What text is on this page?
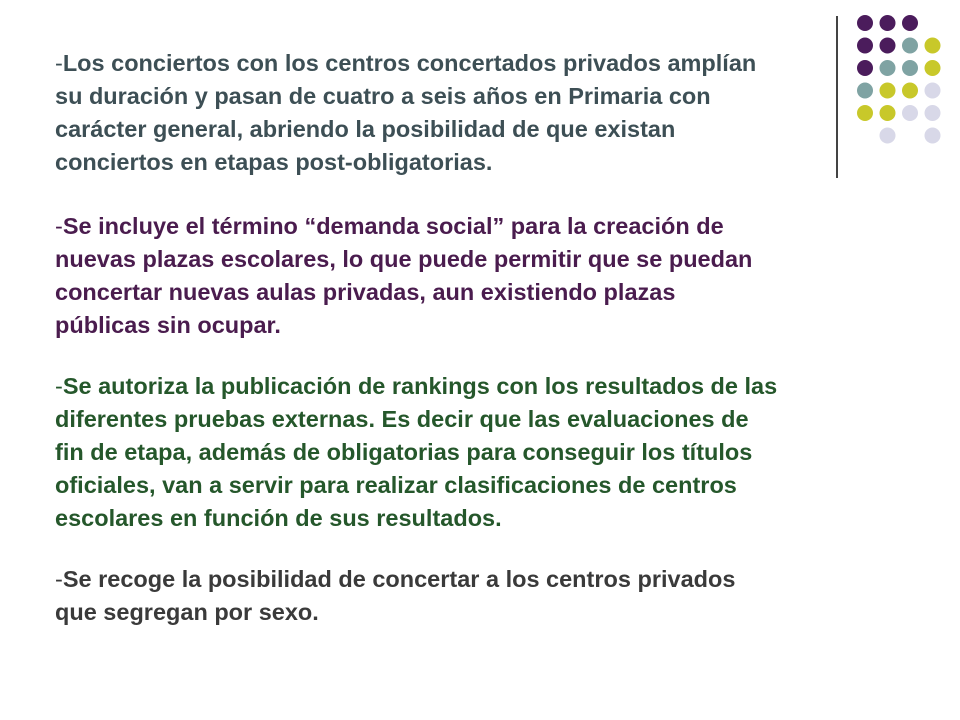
-Los conciertos con los centros concertados privados amplían
su duración y pasan de cuatro a seis años en Primaria con
carácter general, abriendo la posibilidad de que existan
conciertos en etapas post-obligatorias.

-Se incluye el término “demanda social” para la creación de
nuevas plazas escolares, lo que puede permitir que se puedan
concertar nuevas aulas privadas, aun existiendo plazas
públicas sin ocupar.

-Se autoriza la publicación de rankings con los resultados de las
diferentes pruebas externas. Es decir que las evaluaciones de
fin de etapa, además de obligatorias para conseguir los títulos
oficiales, van a servir para realizar clasificaciones de centros
escolares en función de sus resultados.

-Se recoge la posibilidad de concertar a los centros privados
que segregan por sexo.
